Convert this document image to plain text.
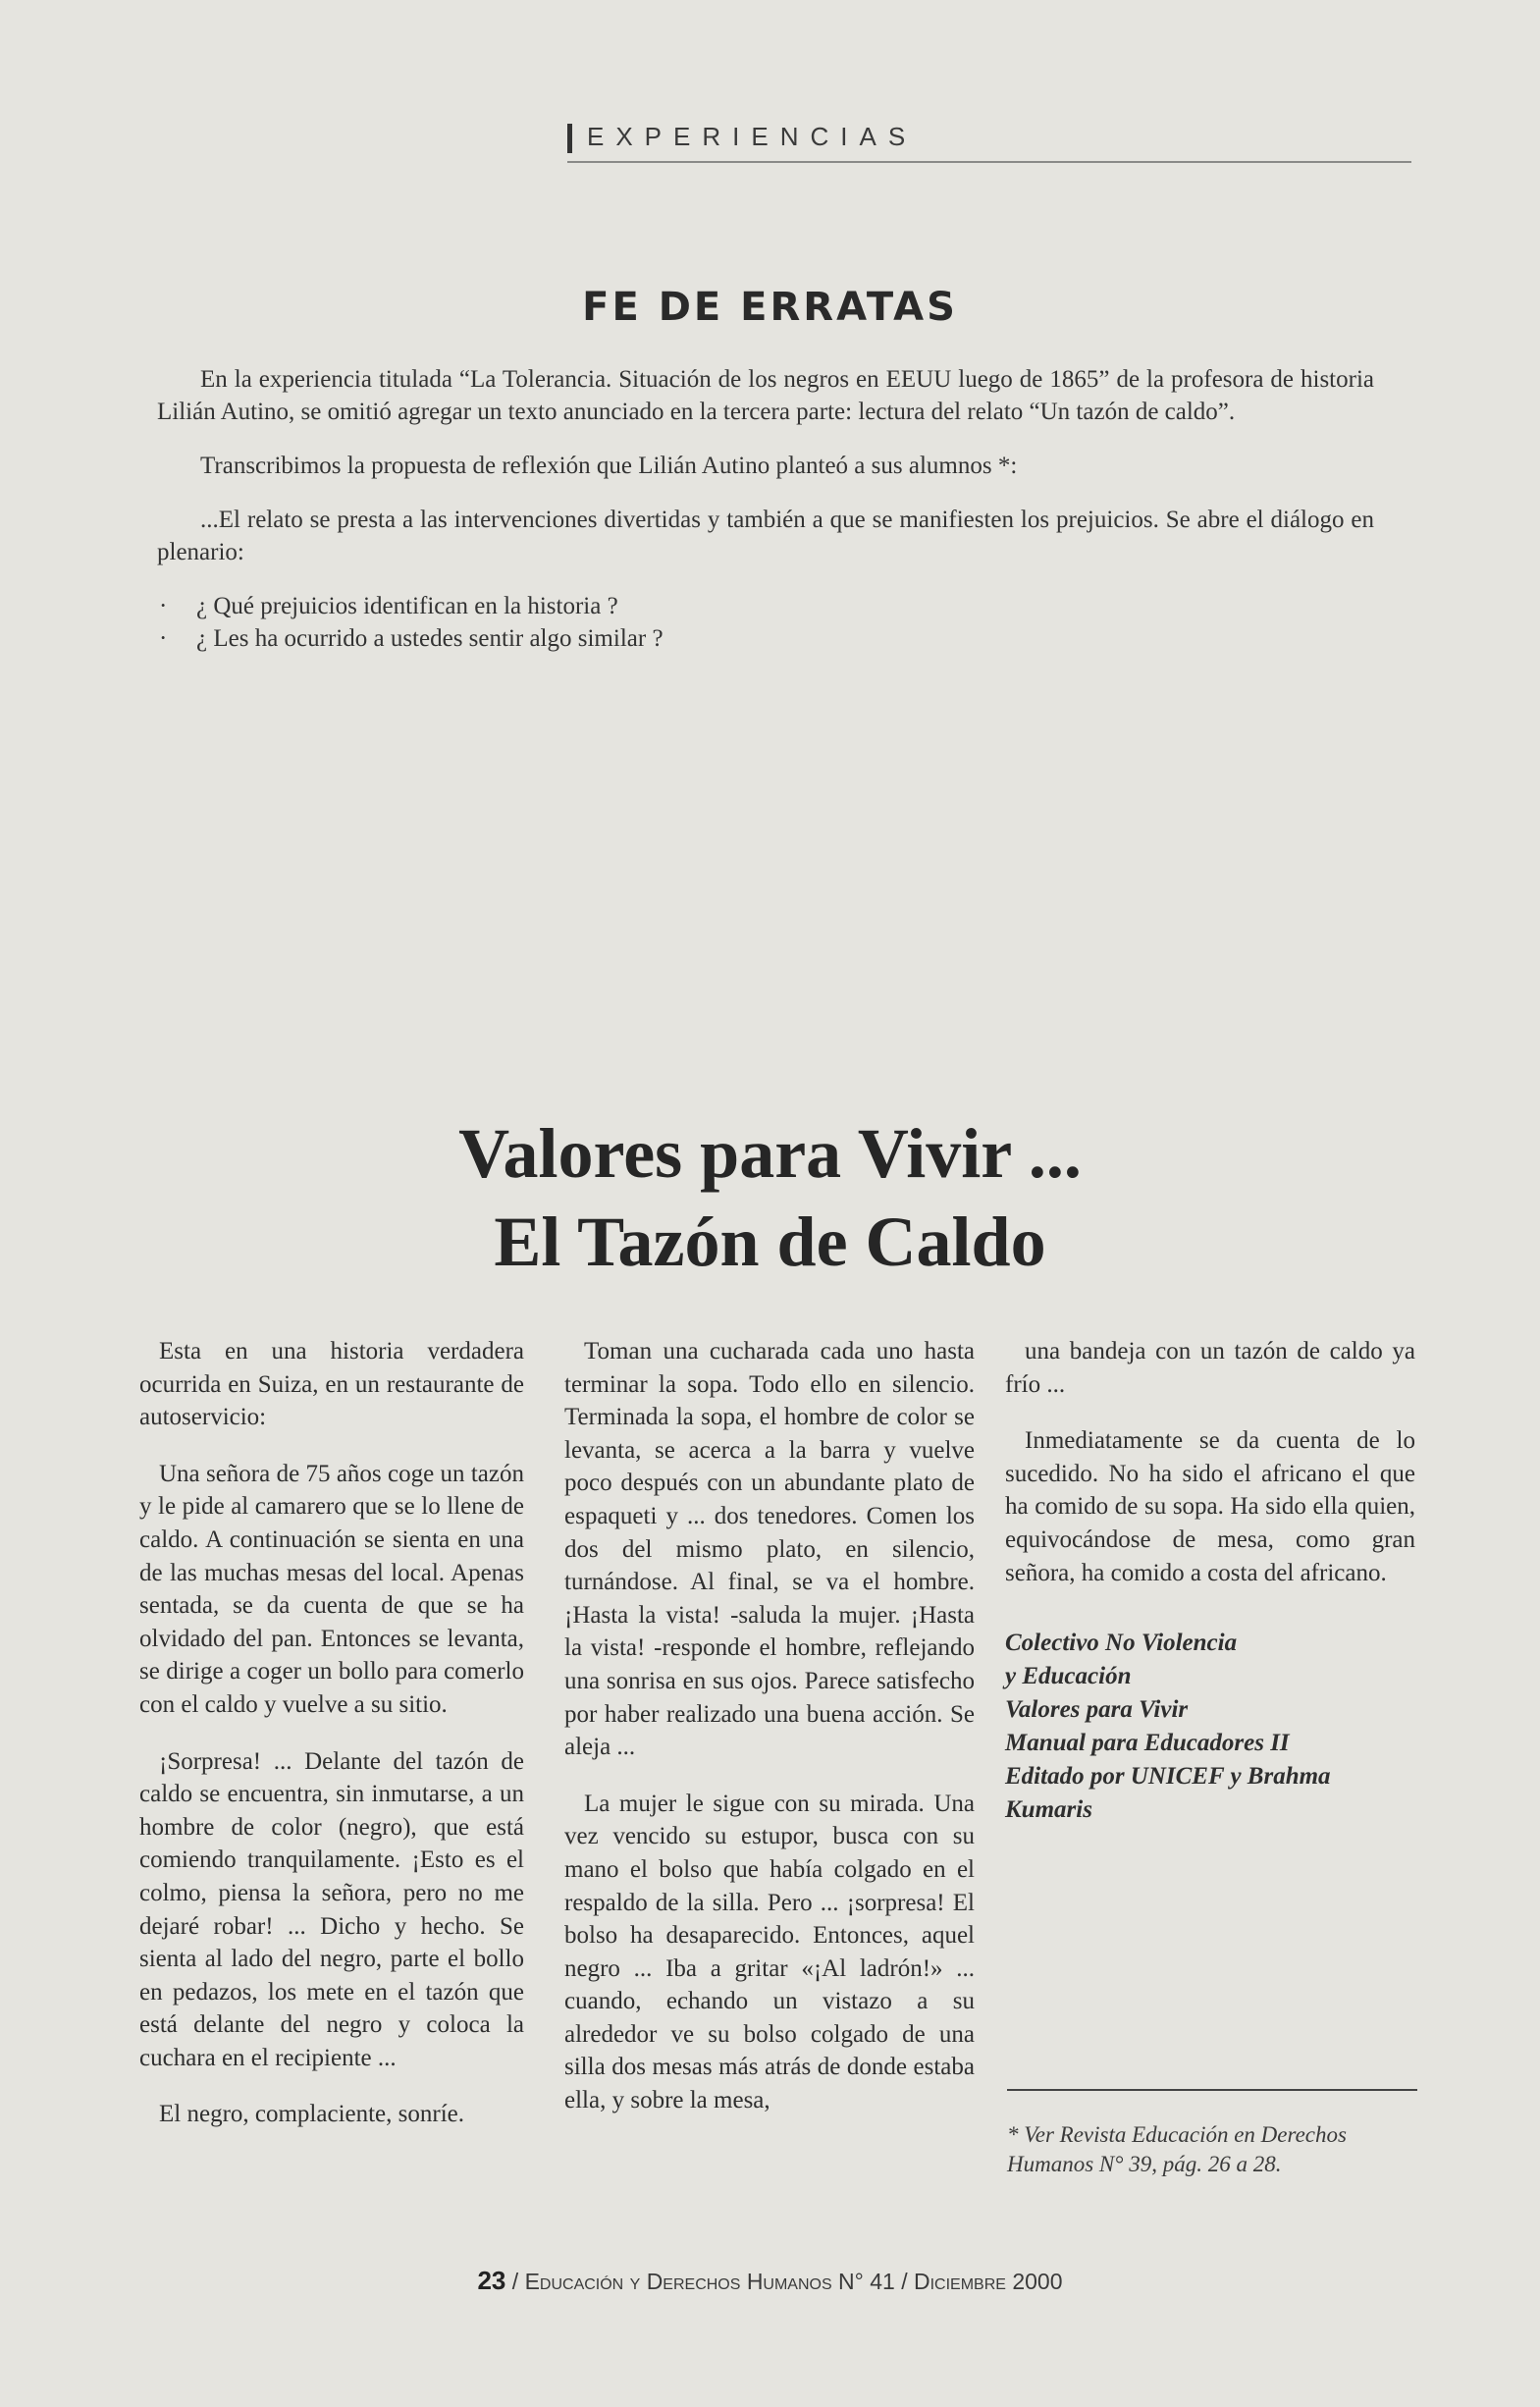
EXPERIENCIAS
FE DE ERRATAS

En la experiencia titulada “La Tolerancia. Situación de los negros en EEUU luego de 1865” de la profesora de historia Lilián Autino, se omitió agregar un texto anunciado en la tercera parte: lectura del relato “Un tazón de caldo”.

Transcribimos la propuesta de reflexión que Lilián Autino planteó a sus alumnos *:

...El relato se presta a las intervenciones divertidas y también a que se manifiesten los prejuicios. Se abre el diálogo en plenario:

· ¿ Qué prejuicios identifican en la historia ?
· ¿ Les ha ocurrido a ustedes sentir algo similar ?
Valores para Vivir ...
El Tazón de Caldo

Esta en una historia verdadera ocurrida en Suiza, en un restaurante de autoservicio:

Una señora de 75 años coge un tazón y le pide al camarero que se lo llene de caldo. A continuación se sienta en una de las muchas mesas del local. Apenas sentada, se da cuenta de que se ha olvidado del pan. Entonces se levanta, se dirige a coger un bollo para comerlo con el caldo y vuelve a su sitio.

¡Sorpresa! ... Delante del tazón de caldo se encuentra, sin inmutarse, a un hombre de color (negro), que está comiendo tranquilamente. ¡Esto es el colmo, piensa la señora, pero no me dejaré robar! ... Dicho y hecho. Se sienta al lado del negro, parte el bollo en pedazos, los mete en el tazón que está delante del negro y coloca la cuchara en el recipiente ...

El negro, complaciente, sonríe.

Toman una cucharada cada uno hasta terminar la sopa. Todo ello en silencio. Terminada la sopa, el hombre de color se levanta, se acerca a la barra y vuelve poco después con un abundante plato de espaqueti y ... dos tenedores. Comen los dos del mismo plato, en silencio, turnándose. Al final, se va el hombre. ¡Hasta la vista! -saluda la mujer. ¡Hasta la vista! -responde el hombre, reflejando una sonrisa en sus ojos. Parece satisfecho por haber realizado una buena acción. Se aleja ...

La mujer le sigue con su mirada. Una vez vencido su estupor, busca con su mano el bolso que había colgado en el respaldo de la silla. Pero ... ¡sorpresa! El bolso ha desaparecido. Entonces, aquel negro ... Iba a gritar «¡Al ladrón!» ... cuando, echando un vistazo a su alrededor ve su bolso colgado de una silla dos mesas más atrás de donde estaba ella, y sobre la mesa,

una bandeja con un tazón de caldo ya frío ...

Inmediatamente se da cuenta de lo sucedido. No ha sido el africano el que ha comido de su sopa. Ha sido ella quien, equivocándose de mesa, como gran señora, ha comido a costa del africano.

Colectivo No Violencia
y Educación
Valores para Vivir
Manual para Educadores II
Editado por UNICEF y Brahma
Kumaris
* Ver Revista Educación en Derechos Humanos N° 39, pág. 26 a 28.
23 / Educación y Derechos Humanos N° 41 / Diciembre 2000
